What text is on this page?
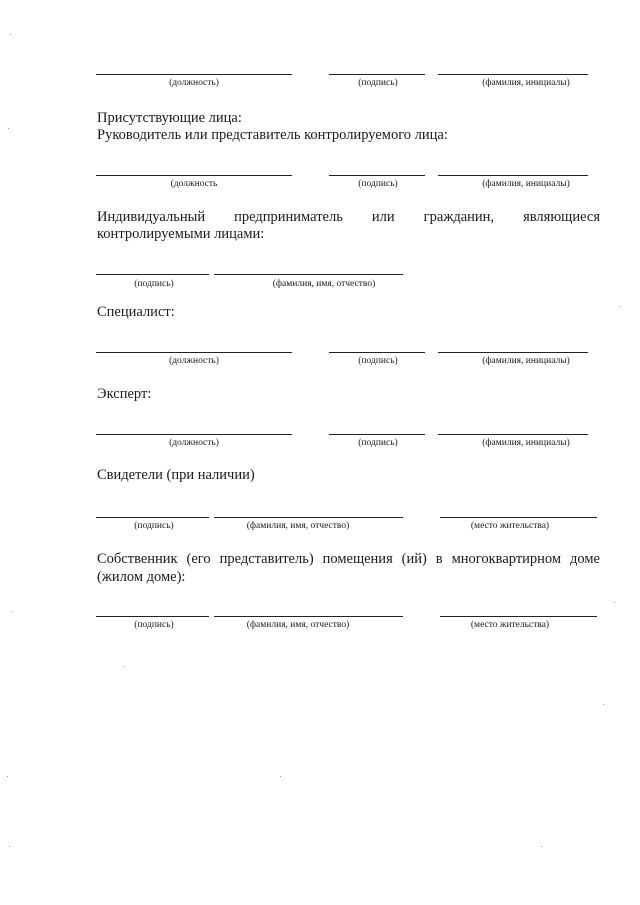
(должность)	(подпись)	(фамилия, инициалы)
Присутствующие лица:
Руководитель или представитель контролируемого лица:
(должность	(подпись)	(фамилия, инициалы)
Индивидуальный предприниматель или гражданин, являющиеся
контролируемыми лицами:
(подпись)	(фамилия, имя, отчество)
Специалист:
(должность)	(подпись)	(фамилия, инициалы)
Эксперт:
(должность)	(подпись)	(фамилия, инициалы)
Свидетели (при наличии)
(подпись)	(фамилия, имя, отчество)	(место жительства)
Собственник (его представитель) помещения (ий) в многоквартирном доме
(жилом доме):
(подпись)	(фамилия, имя, отчество)	(место жительства)
